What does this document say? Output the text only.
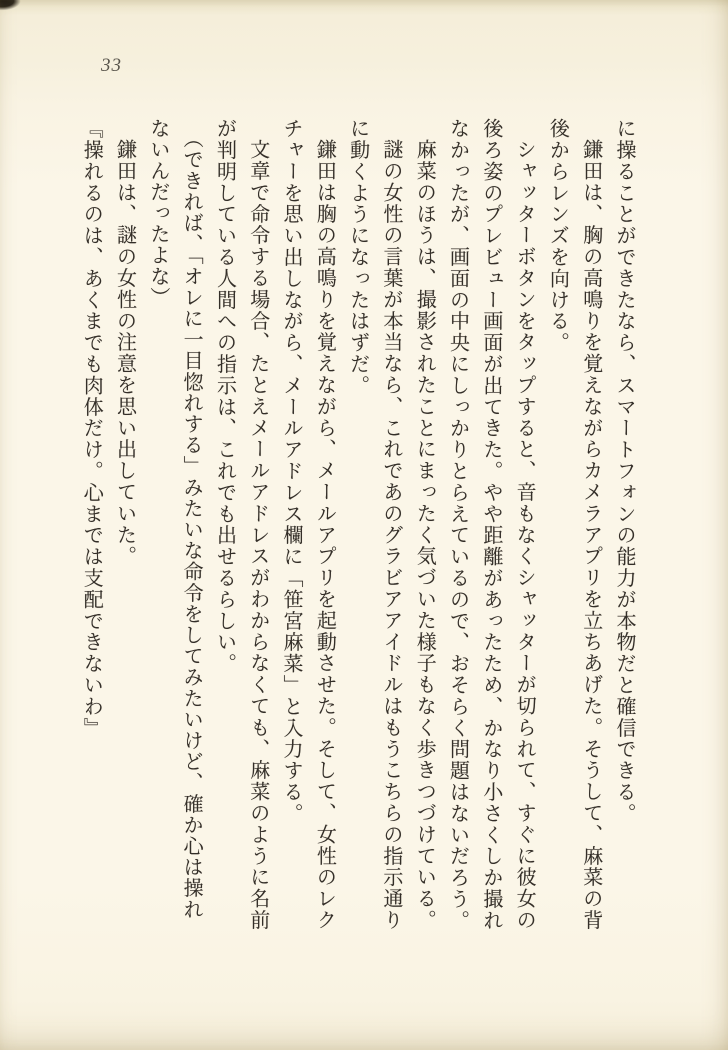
33

に操ることができたなら、スマートフォンの能力が本物だと確信できる。

鎌田は、胸の高鳴りを覚えながらカメラアプリを立ちあげた。そうして、麻菜の背後からレンズを向ける。

シャッターボタンをタップすると、音もなくシャッターが切られて、すぐに彼女の後ろ姿のプレビュー画面が出てきた。やや距離があったため、かなり小さくしか撮れなかったが、画面の中央にしっかりとらえているので、おそらく問題はないだろう。

麻菜のほうは、撮影されたことにまったく気づいた様子もなく歩きつづけている。

謎の女性の言葉が本当なら、これであのグラビアアイドルはもうこちらの指示通りに動くようになったはずだ。

鎌田は胸の高鳴りを覚えながら、メールアプリを起動させた。そして、女性のレクチャーを思い出しながら、メールアドレス欄に「笹宮麻菜」と入力する。

文章で命令する場合、たとえメールアドレスがわからなくても、麻菜のように名前が判明している人間への指示は、これでも出せるらしい。

（できれば、「オレに一目惚れする」みたいな命令をしてみたいけど、確か心は操れないんだったよな）

鎌田は、謎の女性の注意を思い出していた。

『操れるのは、あくまでも肉体だけ。心までは支配できないわ』
